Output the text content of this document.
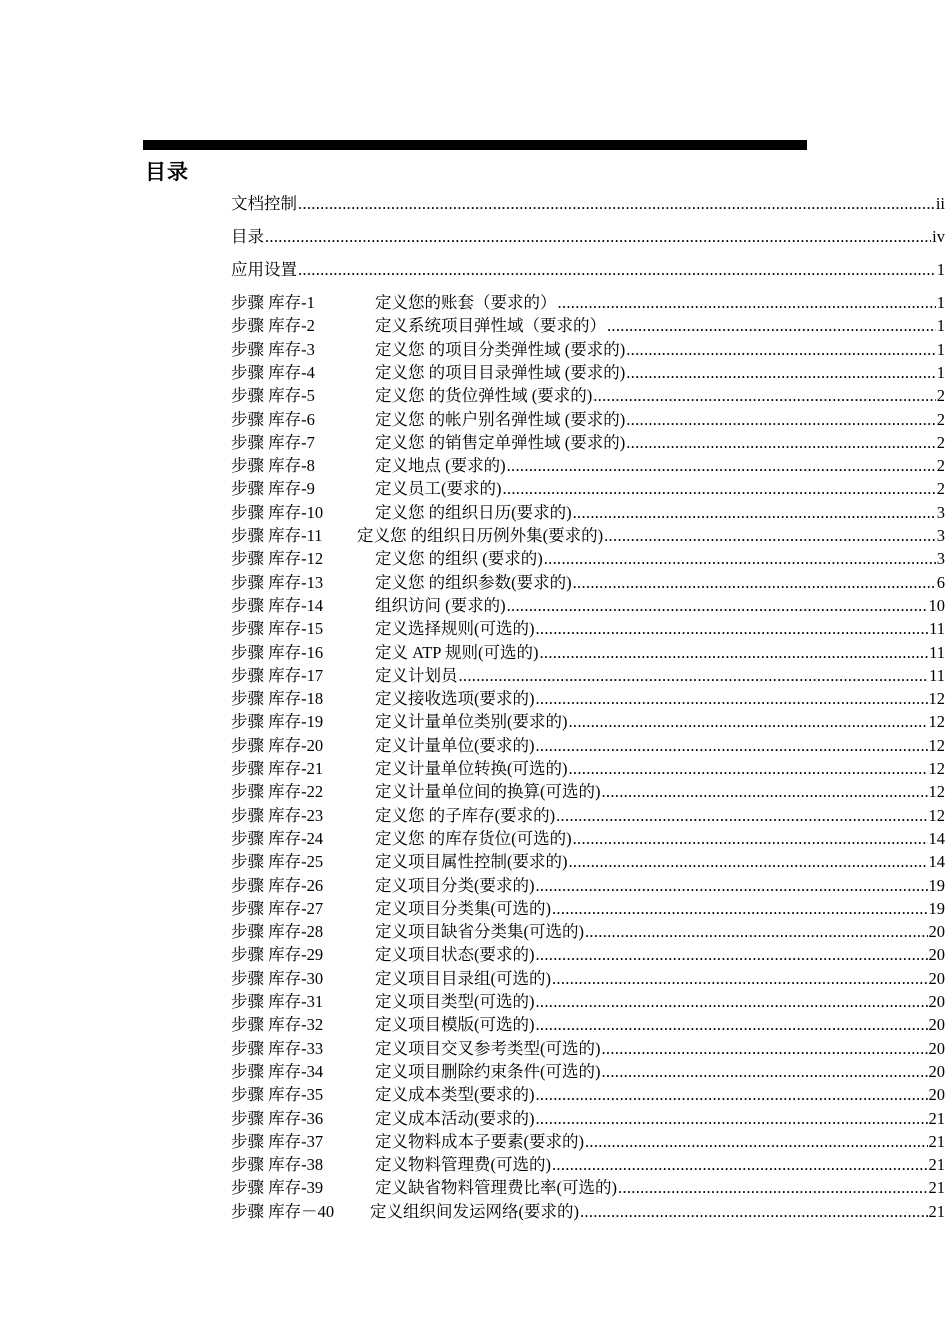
目录
文档控制 .....	ii
目录 .....	iv
应用设置 .....	1
步骤 库存-1	定义您的账套（要求的） .....	1
步骤 库存-2	定义系统项目弹性域（要求的） .....	1
步骤 库存-3	定义您 的项目分类弹性域 (要求的) .....	1
步骤 库存-4	定义您 的项目目录弹性域 (要求的) .....	1
步骤 库存-5	定义您 的货位弹性域 (要求的) .....	2
步骤 库存-6	定义您 的帐户别名弹性域 (要求的) .....	2
步骤 库存-7	定义您 的销售定单弹性域 (要求的) .....	2
步骤 库存-8	定义地点 (要求的) .....	2
步骤 库存-9	定义员工(要求的) .....	2
步骤 库存-10	定义您 的组织日历(要求的) .....	3
步骤 库存-11 定义您 的组织日历例外集(要求的) .....	3
步骤 库存-12	定义您 的组织 (要求的) .....	3
步骤 库存-13	定义您 的组织参数(要求的) .....	6
步骤 库存-14	组织访问 (要求的) .....	10
步骤 库存-15	定义选择规则(可选的) .....	11
步骤 库存-16	定义 ATP 规则(可选的) .....	11
步骤 库存-17	定义计划员 .....	11
步骤 库存-18	定义接收选项(要求的) .....	12
步骤 库存-19	定义计量单位类别(要求的) .....	12
步骤 库存-20	定义计量单位(要求的) .....	12
步骤 库存-21	定义计量单位转换(可选的) .....	12
步骤 库存-22	定义计量单位间的换算(可选的) .....	12
步骤 库存-23	定义您 的子库存(要求的) .....	12
步骤 库存-24	定义您 的库存货位(可选的) .....	14
步骤 库存-25	定义项目属性控制(要求的) .....	14
步骤 库存-26	定义项目分类(要求的) .....	19
步骤 库存-27	定义项目分类集(可选的) .....	19
步骤 库存-28	定义项目缺省分类集(可选的) .....	20
步骤 库存-29	定义项目状态(要求的) .....	20
步骤 库存-30	定义项目目录组(可选的) .....	20
步骤 库存-31	定义项目类型(可选的) .....	20
步骤 库存-32	定义项目模版(可选的) .....	20
步骤 库存-33	定义项目交叉参考类型(可选的) .....	20
步骤 库存-34	定义项目删除约束条件(可选的) .....	20
步骤 库存-35	定义成本类型(要求的) .....	20
步骤 库存-36	定义成本活动(要求的) .....	21
步骤 库存-37	定义物料成本子要素(要求的) .....	21
步骤 库存-38	定义物料管理费(可选的) .....	21
步骤 库存-39	定义缺省物料管理费比率(可选的) .....	21
步骤 库存－40 定义组织间发运网络(要求的) .....	21
